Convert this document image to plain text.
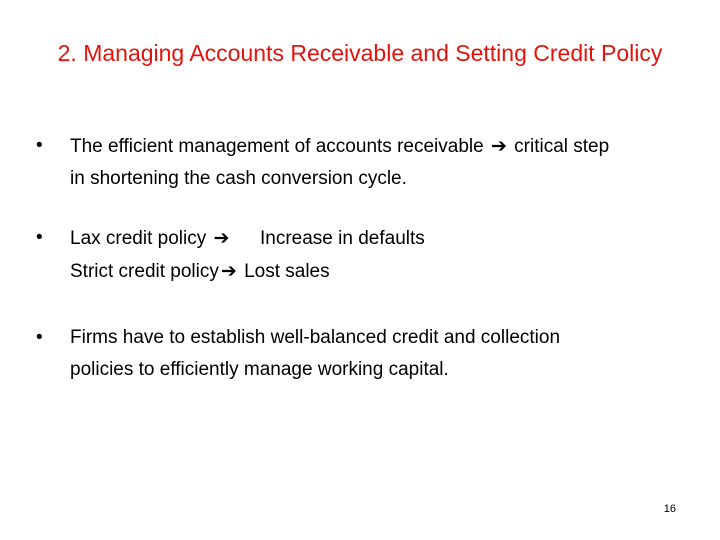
2. Managing Accounts Receivable and Setting Credit Policy
•	The efficient management of accounts receivable ➔ critical step
in shortening the cash conversion cycle.
•	Lax credit policy ➔ Increase in defaults
Strict credit policy ➔ Lost sales
•	Firms have to establish well-balanced credit and collection
policies to efficiently manage working capital.
16
